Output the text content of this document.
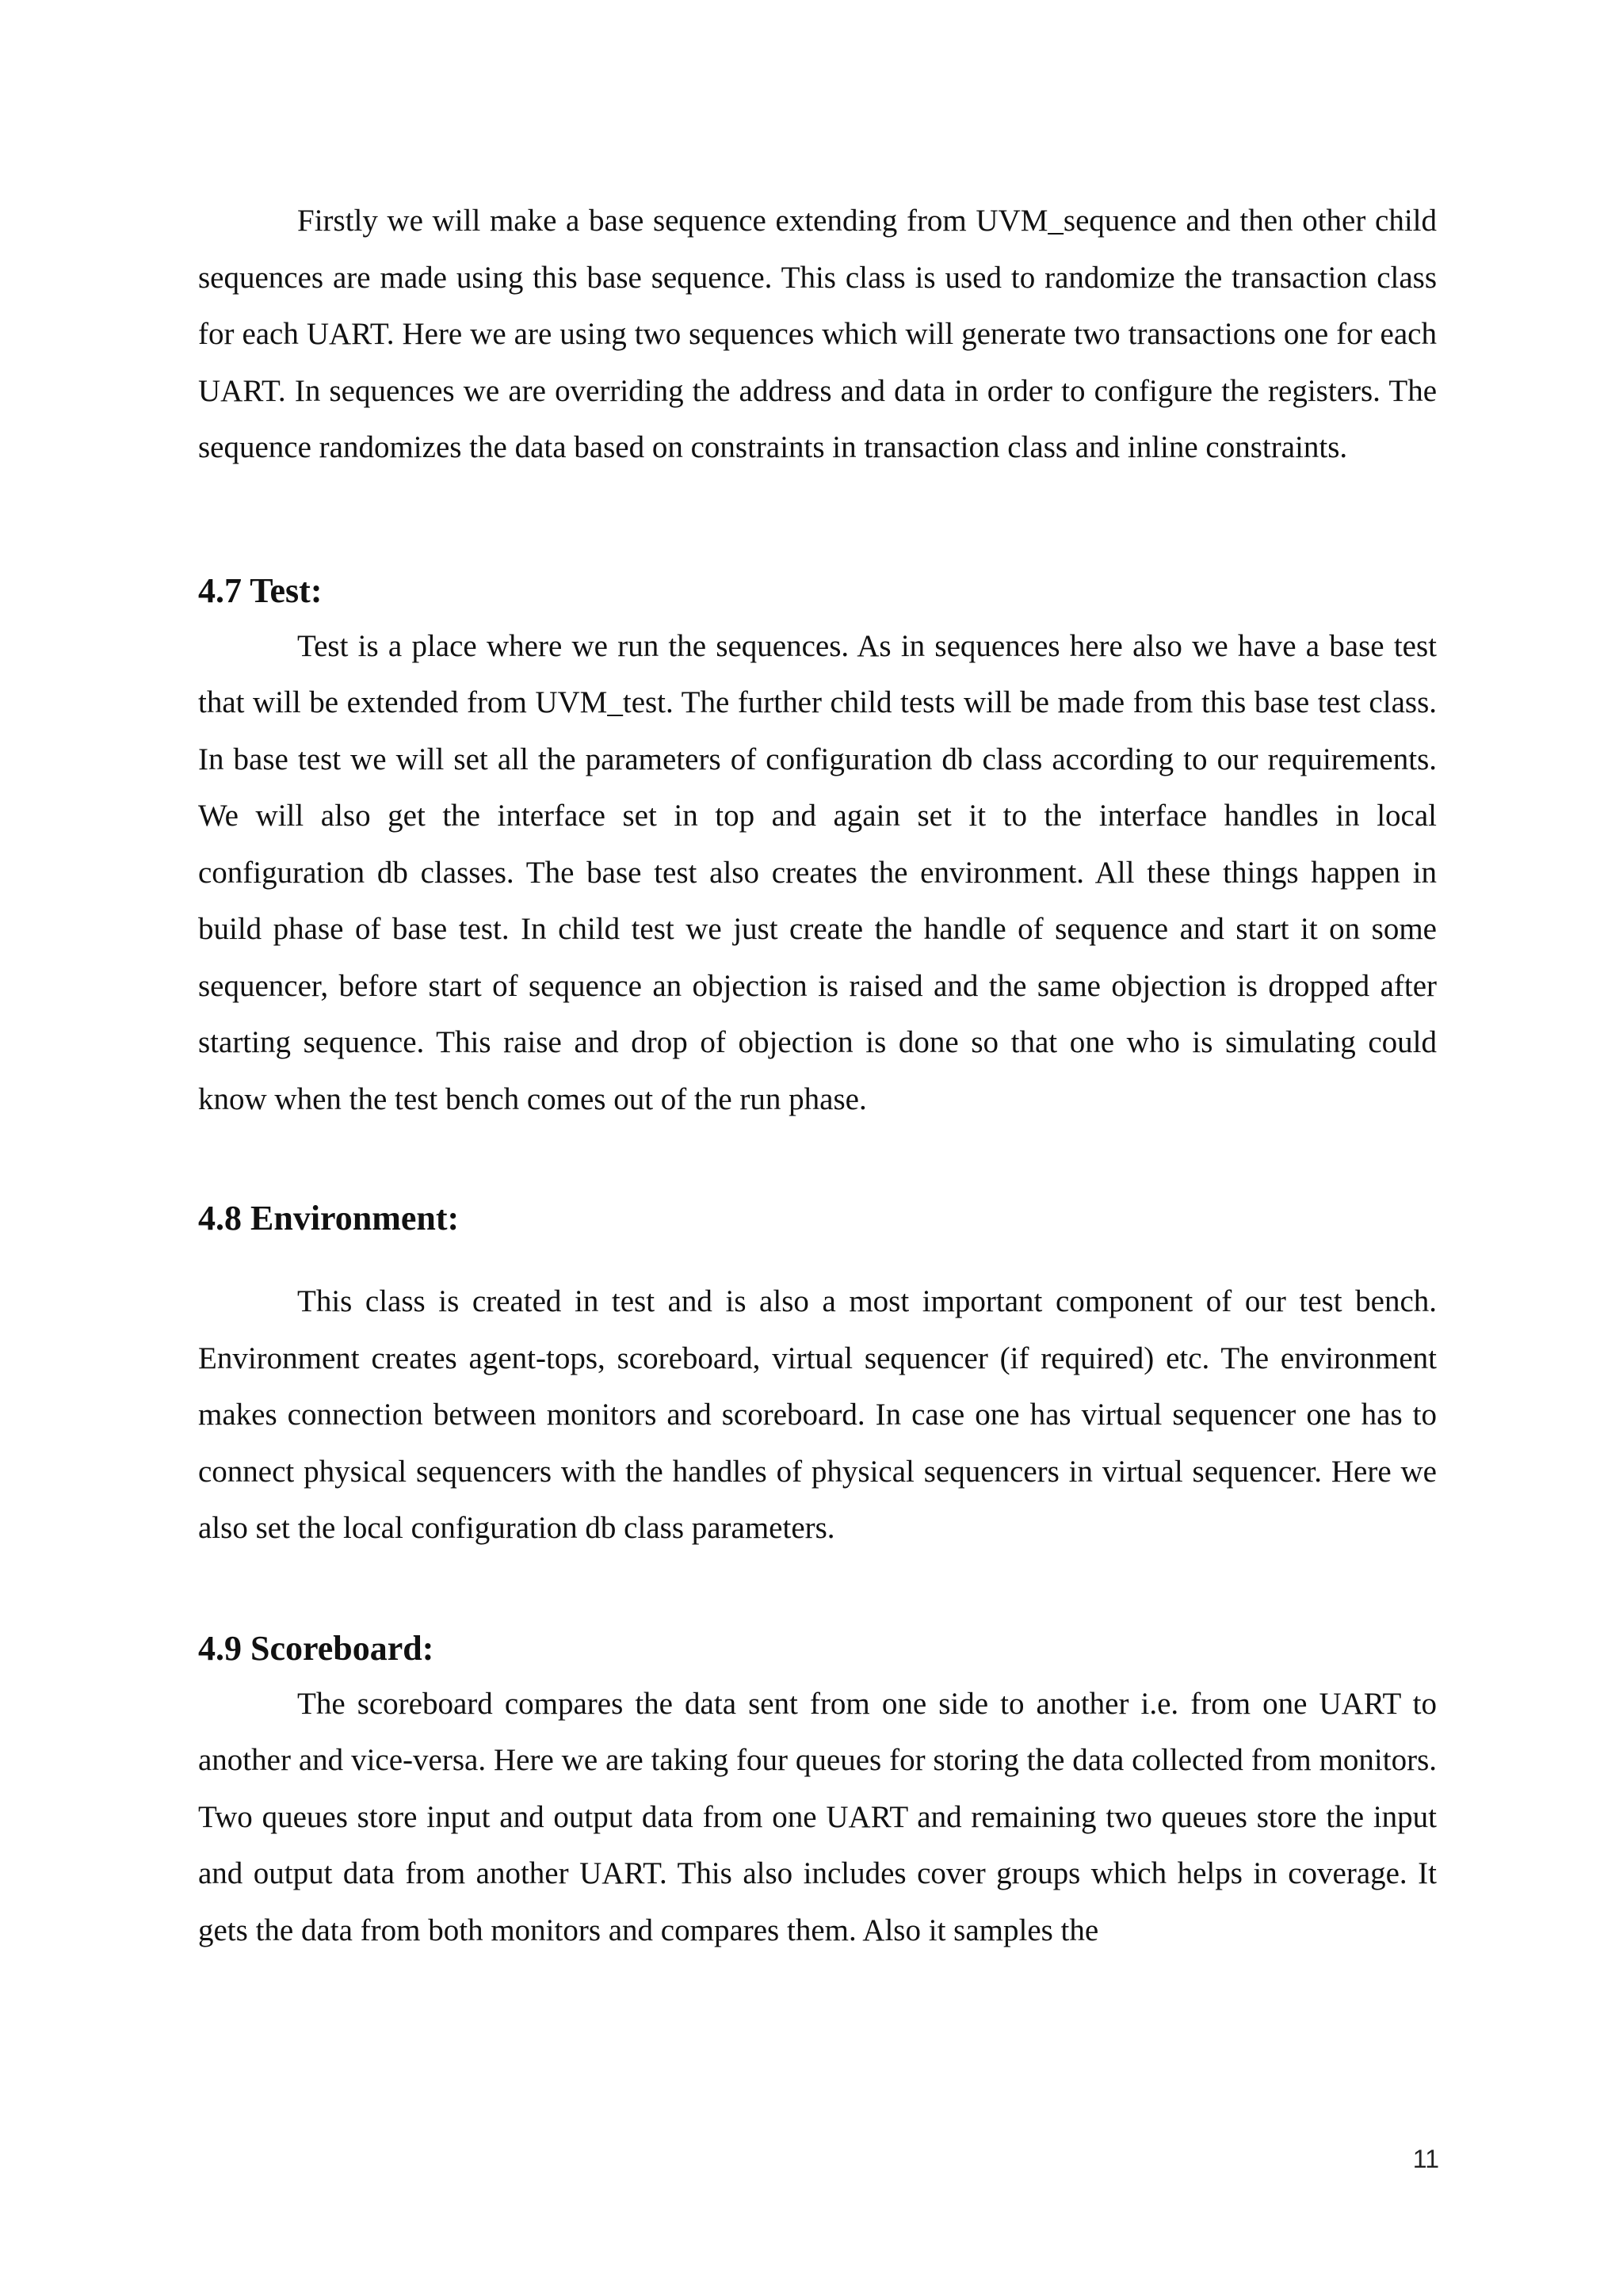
Firstly we will make a base sequence extending from UVM_sequence and then other child sequences are made using this base sequence. This class is used to randomize the transaction class for each UART. Here we are using two sequences which will generate two transactions one for each UART. In sequences we are overriding the address and data in order to configure the registers. The sequence randomizes the data based on constraints in transaction class and inline constraints.

4.7 Test:

Test is a place where we run the sequences. As in sequences here also we have a base test that will be extended from UVM_test. The further child tests will be made from this base test class. In base test we will set all the parameters of configuration db class according to our requirements. We will also get the interface set in top and again set it to the interface handles in local configuration db classes. The base test also creates the environment. All these things happen in build phase of base test. In child test we just create the handle of sequence and start it on some sequencer, before start of sequence an objection is raised and the same objection is dropped after starting sequence. This raise and drop of objection is done so that one who is simulating could know when the test bench comes out of the run phase.

4.8 Environment:

This class is created in test and is also a most important component of our test bench. Environment creates agent-tops, scoreboard, virtual sequencer (if required) etc. The environment makes connection between monitors and scoreboard. In case one has virtual sequencer one has to connect physical sequencers with the handles of physical sequencers in virtual sequencer. Here we also set the local configuration db class parameters.

4.9 Scoreboard:

The scoreboard compares the data sent from one side to another i.e. from one UART to another and vice-versa. Here we are taking four queues for storing the data collected from monitors. Two queues store input and output data from one UART and remaining two queues store the input and output data from another UART. This also includes cover groups which helps in coverage. It gets the data from both monitors and compares them. Also it samples the

11
